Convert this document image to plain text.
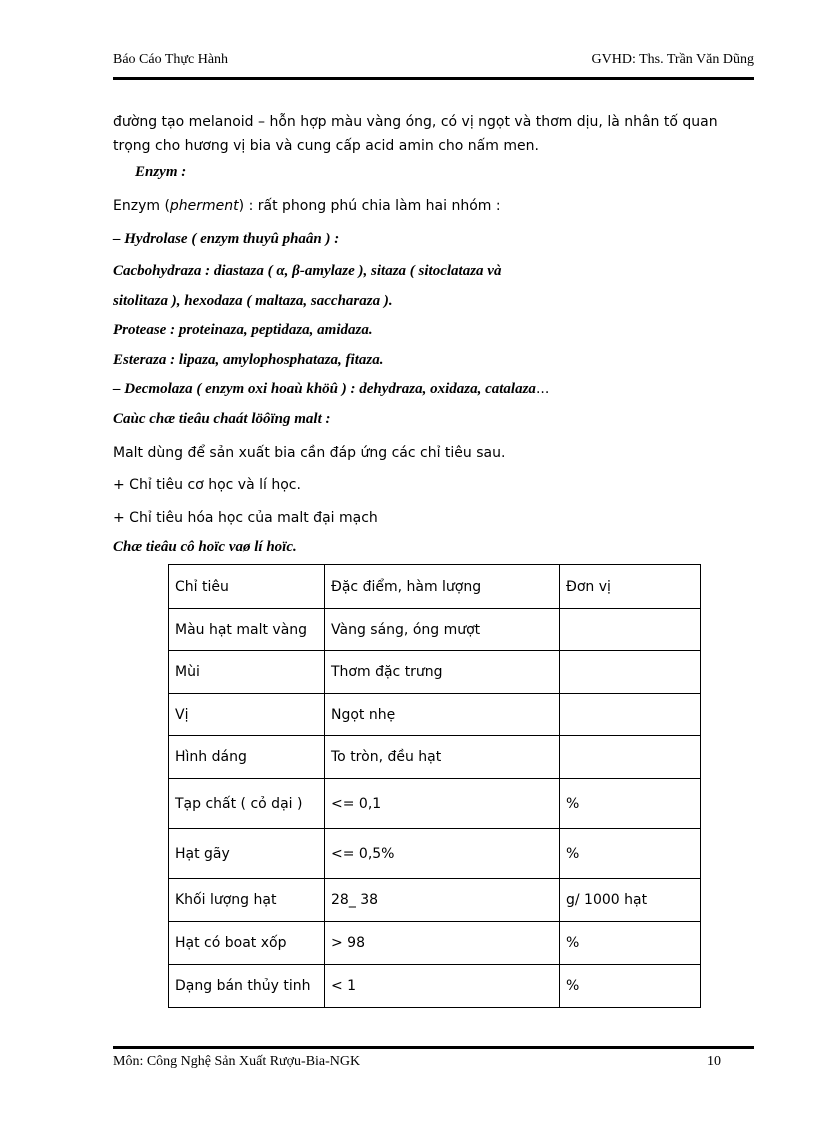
Báo Cáo Thực Hành	GVHD: Ths. Trần Văn Dũng

đường tạo melanoid – hỗn hợp màu vàng óng, có vị ngọt và thơm dịu, là nhân tố quan trọng cho hương vị bia và cung cấp acid amin cho nấm men.

Enzym :

Enzym (pherment) : rất phong phú chia làm hai nhóm :

– Hydrolase ( enzym thuyû phaân ) :

Cacbohydraza : diastaza ( α, β-amylaze ), sitaza ( sitoclataza và

sitolitaza ), hexodaza ( maltaza, saccharaza ).

Protease : proteinaza, peptidaza, amidaza.

Esteraza : lipaza, amylophosphataza, fitaza.

– Decmolaza ( enzym oxi hoaù khöû ) : dehydraza, oxidaza, catalaza...

Caùc chæ tieâu chaát löôïng malt :

Malt dùng để sản xuất bia cần đáp ứng các chỉ tiêu sau.

+ Chỉ tiêu cơ học và lí học.

+ Chỉ tiêu hóa học của malt đại mạch

Chæ tieâu cô hoïc vaø lí hoïc.

Chỉ tiêu	Đặc điểm, hàm lượng	Đơn vị
Màu hạt malt vàng	Vàng sáng, óng mượt	
Mùi	Thơm đặc trưng	
Vị	Ngọt nhẹ	
Hình dáng	To tròn, đều hạt	
Tạp chất ( cỏ dại )	<= 0,1	%
Hạt gãy	<= 0,5%	%
Khối lượng hạt	28_ 38	g/ 1000 hạt
Hạt có boat xốp	> 98	%
Dạng bán thủy tinh	< 1	%
Môn: Công Nghệ Sản Xuất Rượu-Bia-NGK	10
